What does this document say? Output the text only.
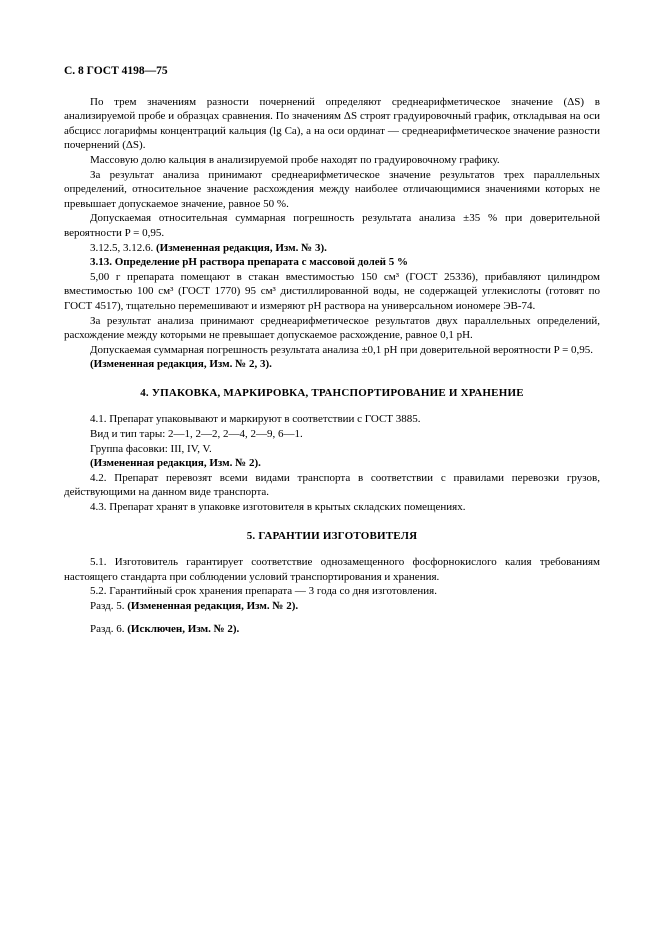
С. 8 ГОСТ 4198—75

По трем значениям разности почернений определяют среднеарифметическое значение (ΔS) в анализируемой пробе и образцах сравнения. По значениям ΔS строят градуировочный график, откладывая на оси абсцисс логарифмы концентраций кальция (lg Са), а на оси ординат — среднеарифметическое значение разности почернений (ΔS).

Массовую долю кальция в анализируемой пробе находят по градуировочному графику.

За результат анализа принимают среднеарифметическое значение результатов трех параллельных определений, относительное значение расхождения между наиболее отличающимися значениями которых не превышает допускаемое значение, равное 50 %.

Допускаемая относительная суммарная погрешность результата анализа ±35 % при доверительной вероятности P = 0,95.

3.12.5, 3.12.6. (Измененная редакция, Изм. № 3).

3.13. Определение pH раствора препарата с массовой долей 5 %

5,00 г препарата помещают в стакан вместимостью 150 см³ (ГОСТ 25336), прибавляют цилиндром вместимостью 100 см³ (ГОСТ 1770) 95 см³ дистиллированной воды, не содержащей углекислоты (готовят по ГОСТ 4517), тщательно перемешивают и измеряют pH раствора на универсальном иономере ЭВ-74.

За результат анализа принимают среднеарифметическое результатов двух параллельных определений, расхождение между которыми не превышает допускаемое расхождение, равное 0,1 pH.

Допускаемая суммарная погрешность результата анализа ±0,1 pH при доверительной вероятности P = 0,95.

(Измененная редакция, Изм. № 2, 3).

4. УПАКОВКА, МАРКИРОВКА, ТРАНСПОРТИРОВАНИЕ И ХРАНЕНИЕ

4.1. Препарат упаковывают и маркируют в соответствии с ГОСТ 3885.

Вид и тип тары: 2—1, 2—2, 2—4, 2—9, 6—1.

Группа фасовки: III, IV, V.

(Измененная редакция, Изм. № 2).

4.2. Препарат перевозят всеми видами транспорта в соответствии с правилами перевозки грузов, действующими на данном виде транспорта.

4.3. Препарат хранят в упаковке изготовителя в крытых складских помещениях.

5. ГАРАНТИИ ИЗГОТОВИТЕЛЯ

5.1. Изготовитель гарантирует соответствие однозамещенного фосфорнокислого калия требованиям настоящего стандарта при соблюдении условий транспортирования и хранения.

5.2. Гарантийный срок хранения препарата — 3 года со дня изготовления.

Разд. 5. (Измененная редакция, Изм. № 2).

Разд. 6. (Исключен, Изм. № 2).
